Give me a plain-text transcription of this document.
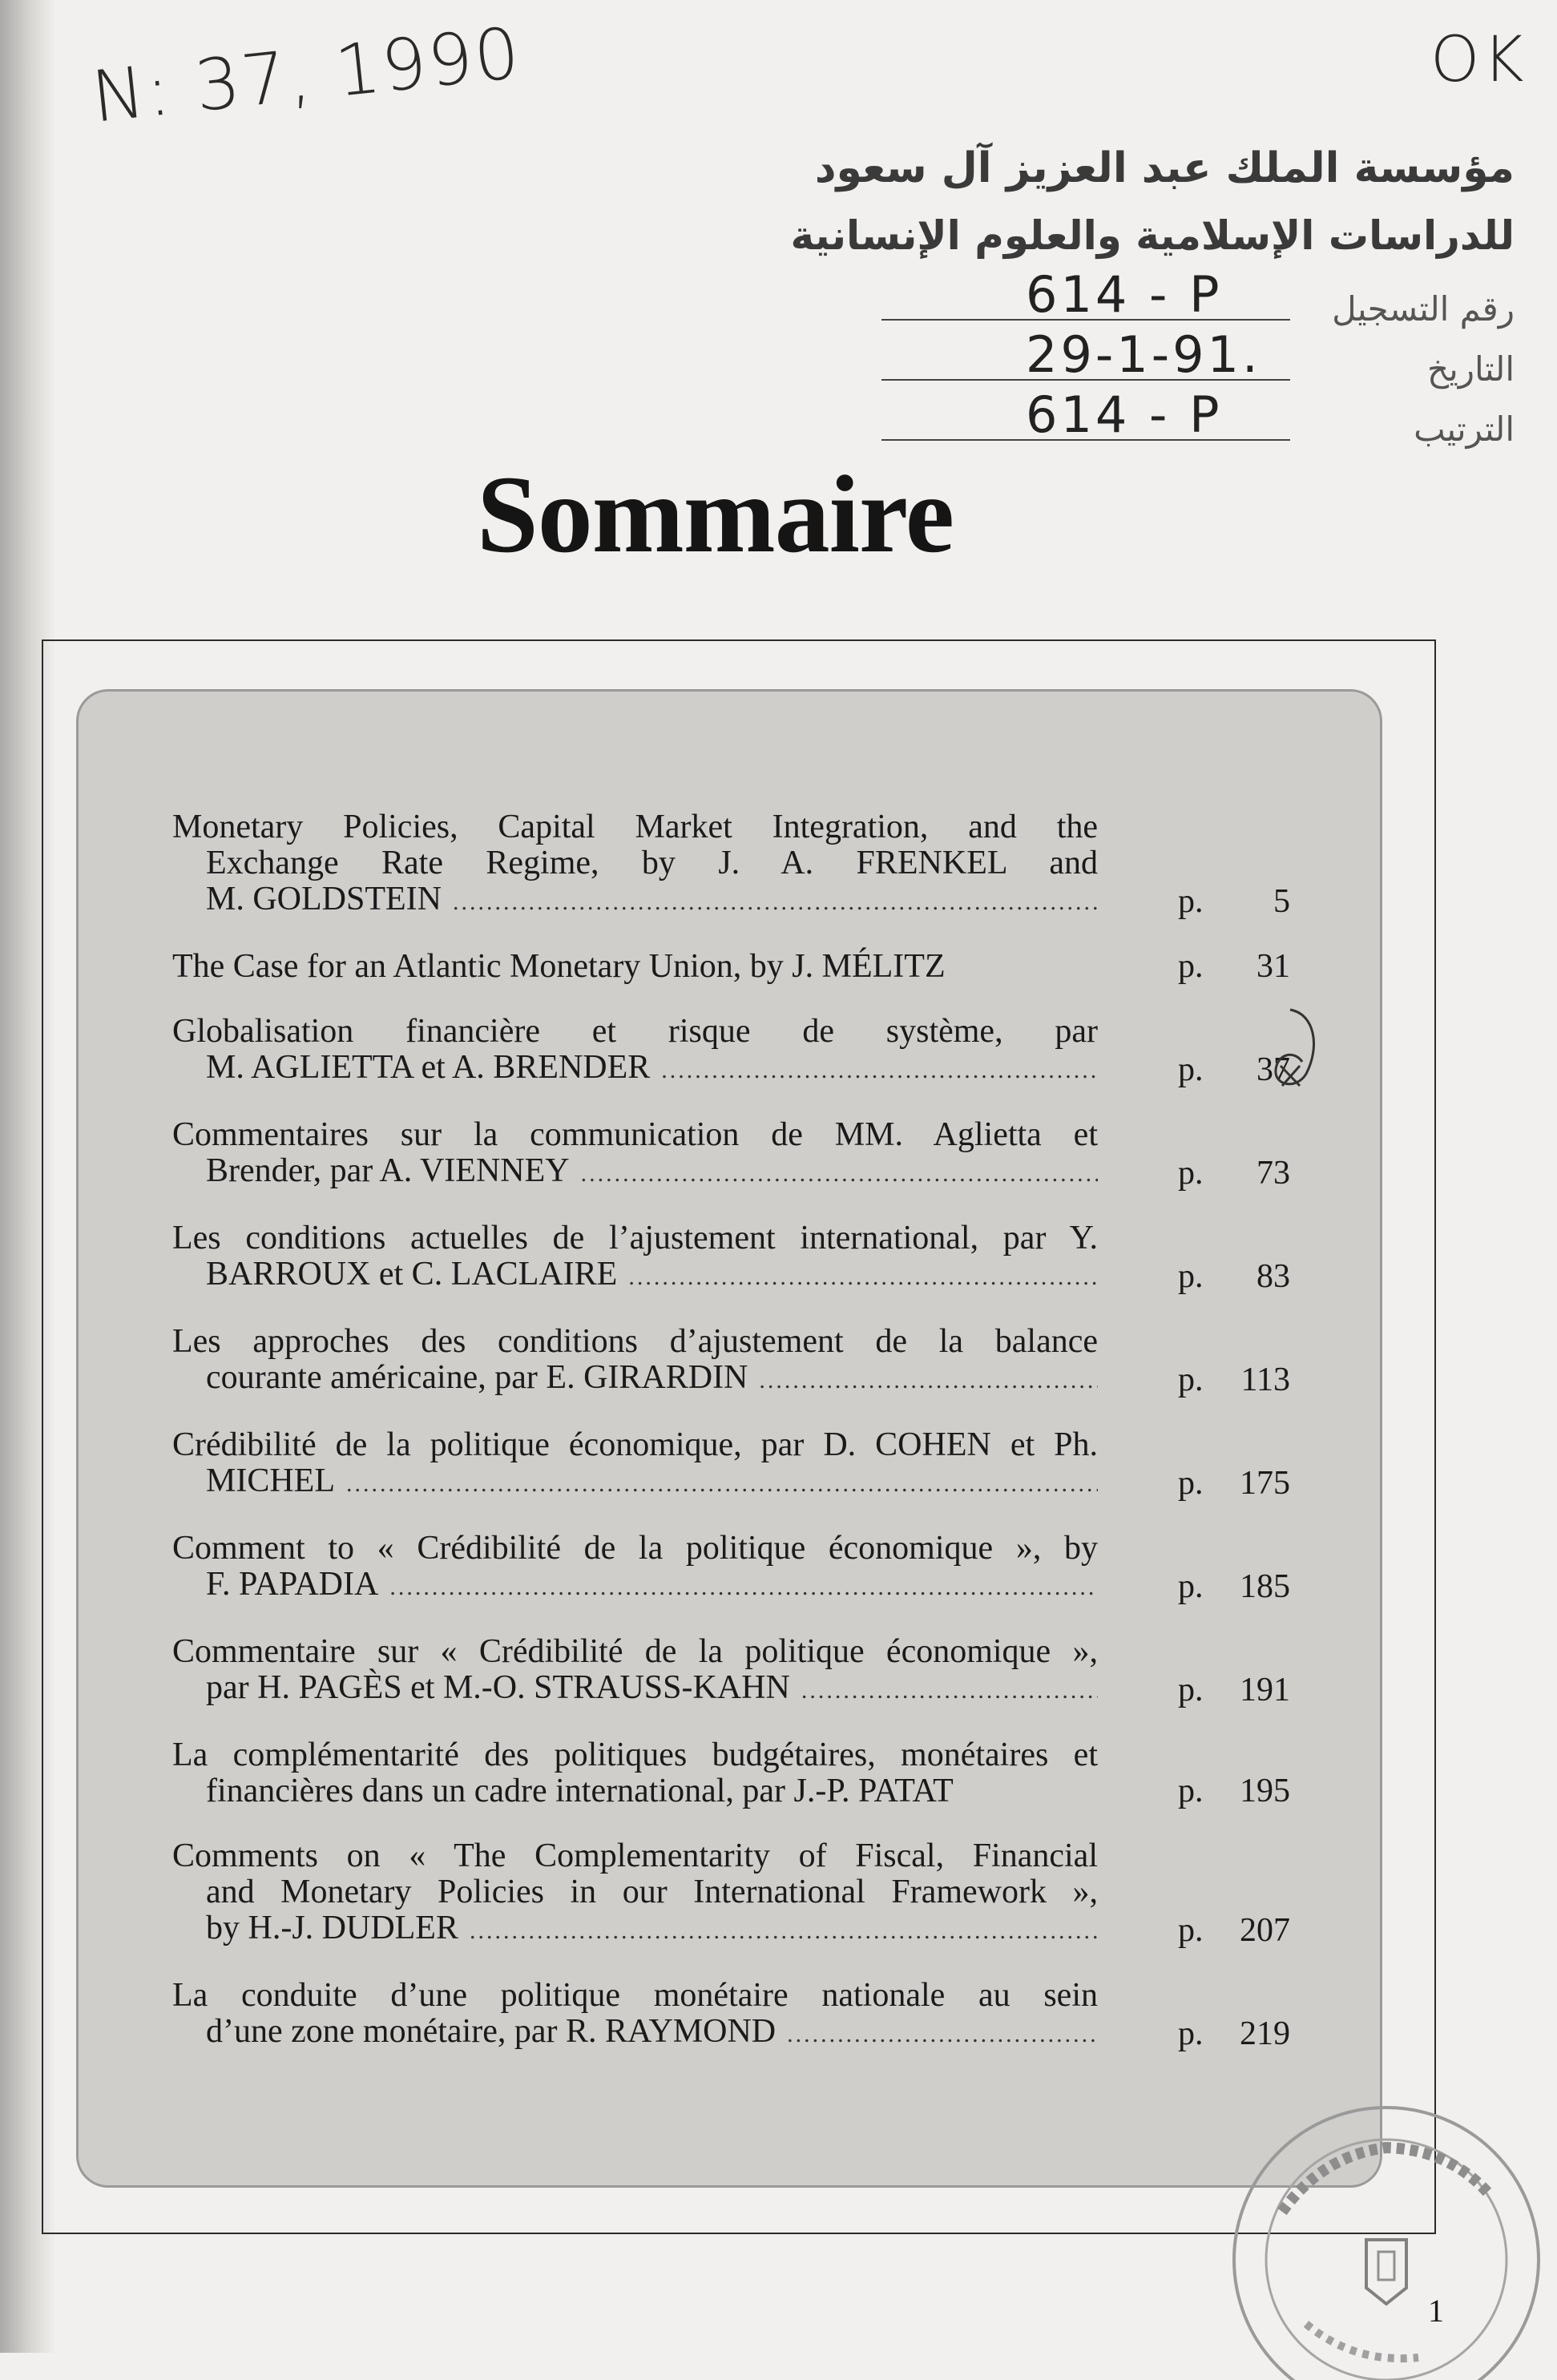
N: 37, 1990	OK
مؤسسة الملك عبد العزيز آل سعود
للدراسات الإسلامية والعلوم الإنسانية
614 - P	رقم التسجيل
29-1-91.	التاريخ
614 - P	الترتيب
Sommaire
Monetary Policies, Capital Market Integration, and the
Exchange Rate Regime, by J. A. FRENKEL and
M. GOLDSTEIN .....	p. 5
The Case for an Atlantic Monetary Union, by J. MÉLITZ	p. 31
Globalisation financière et risque de système, par
M. AGLIETTA et A. BRENDER .....	p. 37
Commentaires sur la communication de MM. Aglietta et
Brender, par A. VIENNEY .....	p. 73
Les conditions actuelles de l’ajustement international, par Y.
BARROUX et C. LACLAIRE .....	p. 83
Les approches des conditions d’ajustement de la balance
courante américaine, par E. GIRARDIN .....	p. 113
Crédibilité de la politique économique, par D. COHEN et Ph.
MICHEL .....	p. 175
Comment to « Crédibilité de la politique économique », by
F. PAPADIA .....	p. 185
Commentaire sur « Crédibilité de la politique économique »,
par H. PAGÈS et M.-O. STRAUSS-KAHN .....	p. 191
La complémentarité des politiques budgétaires, monétaires et
financières dans un cadre international, par J.-P. PATAT	p. 195
Comments on « The Complementarity of Fiscal, Financial
and Monetary Policies in our International Framework »,
by H.-J. DUDLER .....	p. 207
La conduite d’une politique monétaire nationale au sein
d’une zone monétaire, par R. RAYMOND .....	p. 219
1
